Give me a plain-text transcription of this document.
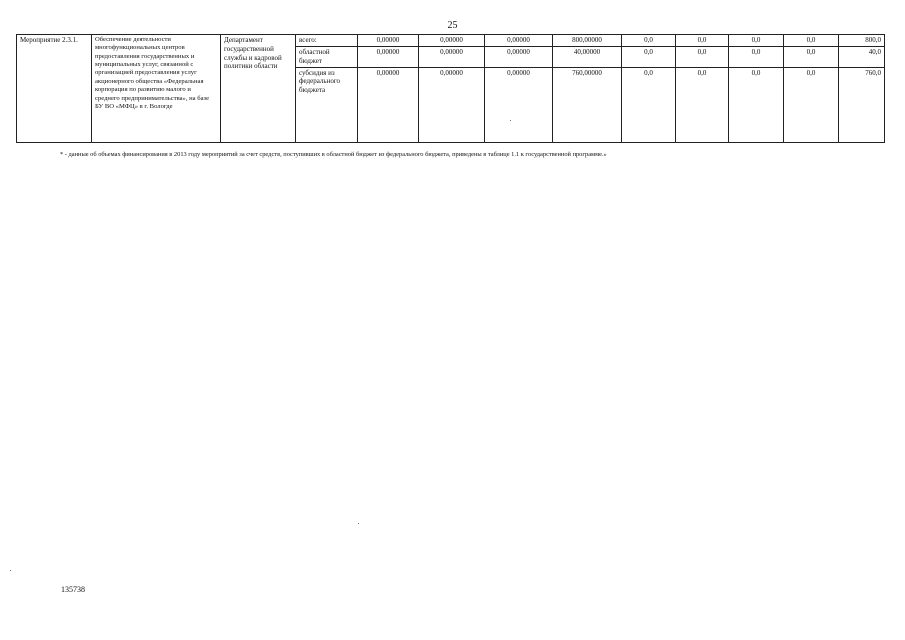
25
Мероприятие 2.3.1.	Обеспечение деятельности многофункциональных центров предоставления государственных и муниципальных услуг, связанной с организацией предоставления услуг акционерного общества «Федеральная корпорация по развитию малого и среднего предпринимательства», на базе БУ ВО «МФЦ» в г. Вологде	Департамент государственной службы и кадровой политики области	всего:	0,00000	0,00000	0,00000	800,00000	0,0	0,0	0,0	0,0	800,0
			областной бюджет	0,00000	0,00000	0,00000	40,00000	0,0	0,0	0,0	0,0	40,0
			субсидия из федерального бюджета	0,00000	0,00000	0,00000	760,00000	0,0	0,0	0,0	0,0	760,0
* - данные об объемах финансирования в 2013 году мероприятий за счет средств, поступивших в областной бюджет из федерального бюджета, приведены в таблице 1.1 к государственной программе.»
135738
